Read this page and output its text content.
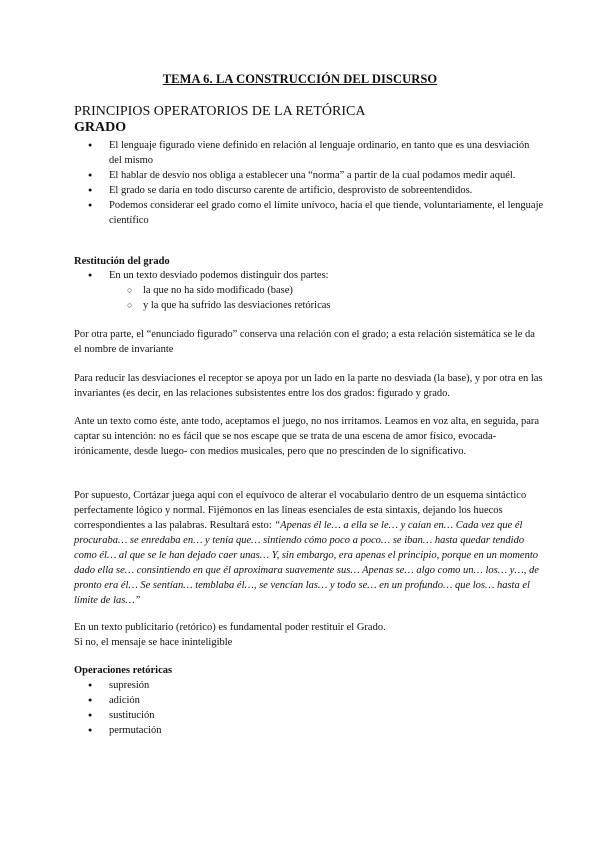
TEMA 6. LA CONSTRUCCIÓN DEL DISCURSO
PRINCIPIOS OPERATORIOS DE LA RETÓRICA
GRADO
● El lenguaje figurado viene definido en relación al lenguaje ordinario, en tanto que es una desviación del mismo
● El hablar de desvío nos obliga a establecer una “norma” a partir de la cual podamos medir aquél.
● El grado se daría en todo discurso carente de artificio, desprovisto de sobreentendidos.
● Podemos considerar eel grado como el límite unívoco, hacia el que tiende, voluntariamente, el lenguaje científico
Restitución del grado
● En un texto desviado podemos distinguir dos partes:
○ la que no ha sido modificado (base)
○ y la que ha sufrido las desviaciones retóricas
Por otra parte, el “enunciado figurado” conserva una relación con el grado; a esta relación sistemática se le da el nombre de invariante
Para reducir las desviaciones el receptor se apoya por un lado en la parte no desviada (la base), y por otra en las invariantes (es decir, en las relaciones subsistentes entre los dos grados: figurado y grado.
Ante un texto como éste, ante todo, aceptamos el juego, no nos irritamos. Leamos en voz alta, en seguida, para captar su intención: no es fácil que se nos escape que se trata de una escena de amor físico, evocada- irónicamente, desde luego- con medios musicales, pero que no prescinden de lo significativo.
Por supuesto, Cortázar juega aquí con el equívoco de alterar el vocabulario dentro de un esquema sintáctico perfectamente lógico y normal. Fijémonos en las líneas esenciales de esta sintaxis, dejando los huecos correspondientes a las palabras. Resultará esto: “Apenas él le… a ella se le… y caían en… Cada vez que él procuraba… se enredaba en… y tenía que… sintiendo cómo poco a poco… se iban… hasta quedar tendido como él… al que se le han dejado caer unas… Y, sin embargo, era apenas el principio, porque en un momento dado ella se… consintiendo en que él aproximara suavemente sus… Apenas se… algo como un… los… y…, de pronto era él… Se sentían… temblaba él…, se vencían las… y todo se… en un profundo… que los… hasta el límite de las…”
En un texto publicitario (retórico) es fundamental poder restituir el Grado.
Si no, el mensaje se hace ininteligible
Operaciones retóricas
● supresión
● adición
● sustitución
● permutación
